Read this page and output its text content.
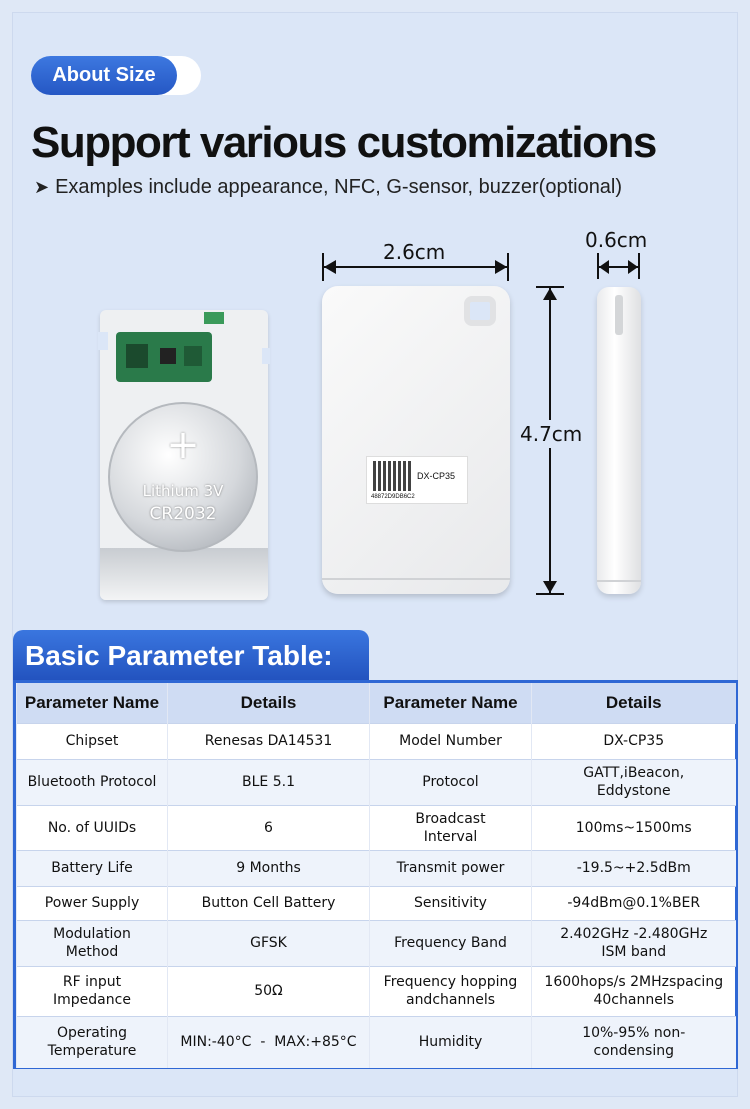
About Size
Support various customizations
➤ Examples include appearance, NFC, G-sensor, buzzer(optional)
+
Lithium 3V
CR2032
DX-CP35
48872D9DB6C2
2.6cm	0.6cm
4.7cm
Basic Parameter Table:
Parameter Name	Details	Parameter Name	Details
Chipset	Renesas DA14531	Model Number	DX-CP35
Bluetooth Protocol	BLE 5.1	Protocol	GATT,iBeacon, Eddystone
No. of UUIDs	6	Broadcast Interval	100ms~1500ms
Battery Life	9 Months	Transmit power	-19.5~+2.5dBm
Power Supply	Button Cell Battery	Sensitivity	-94dBm@0.1%BER
Modulation Method	GFSK	Frequency Band	2.402GHz -2.480GHz ISM band
RF input Impedance	50Ω	Frequency hopping andchannels	1600hops/s 2MHzspacing 40channels
Operating Temperature	MIN:-40°C  -  MAX:+85°C	Humidity	10%-95% non-condensing
